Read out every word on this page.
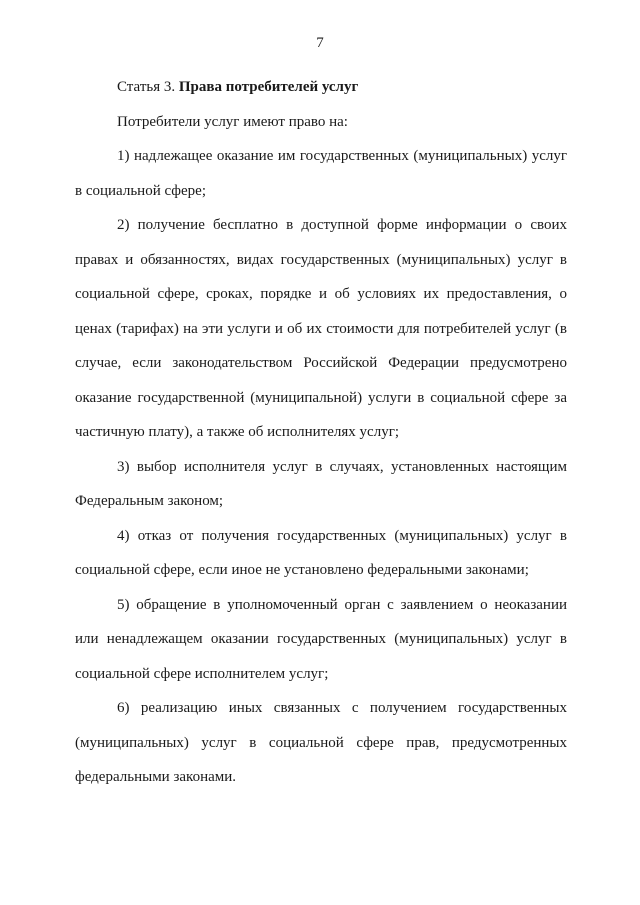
7

Статья 3. Права потребителей услуг

Потребители услуг имеют право на:

1) надлежащее оказание им государственных (муниципальных) услуг в социальной сфере;

2) получение бесплатно в доступной форме информации о своих правах и обязанностях, видах государственных (муниципальных) услуг в социальной сфере, сроках, порядке и об условиях их предоставления, о ценах (тарифах) на эти услуги и об их стоимости для потребителей услуг (в случае, если законодательством Российской Федерации предусмотрено оказание государственной (муниципальной) услуги в социальной сфере за частичную плату), а также об исполнителях услуг;

3) выбор исполнителя услуг в случаях, установленных настоящим Федеральным законом;

4) отказ от получения государственных (муниципальных) услуг в социальной сфере, если иное не установлено федеральными законами;

5) обращение в уполномоченный орган с заявлением о неоказании или ненадлежащем оказании государственных (муниципальных) услуг в социальной сфере исполнителем услуг;

6) реализацию иных связанных с получением государственных (муниципальных) услуг в социальной сфере прав, предусмотренных федеральными законами.
